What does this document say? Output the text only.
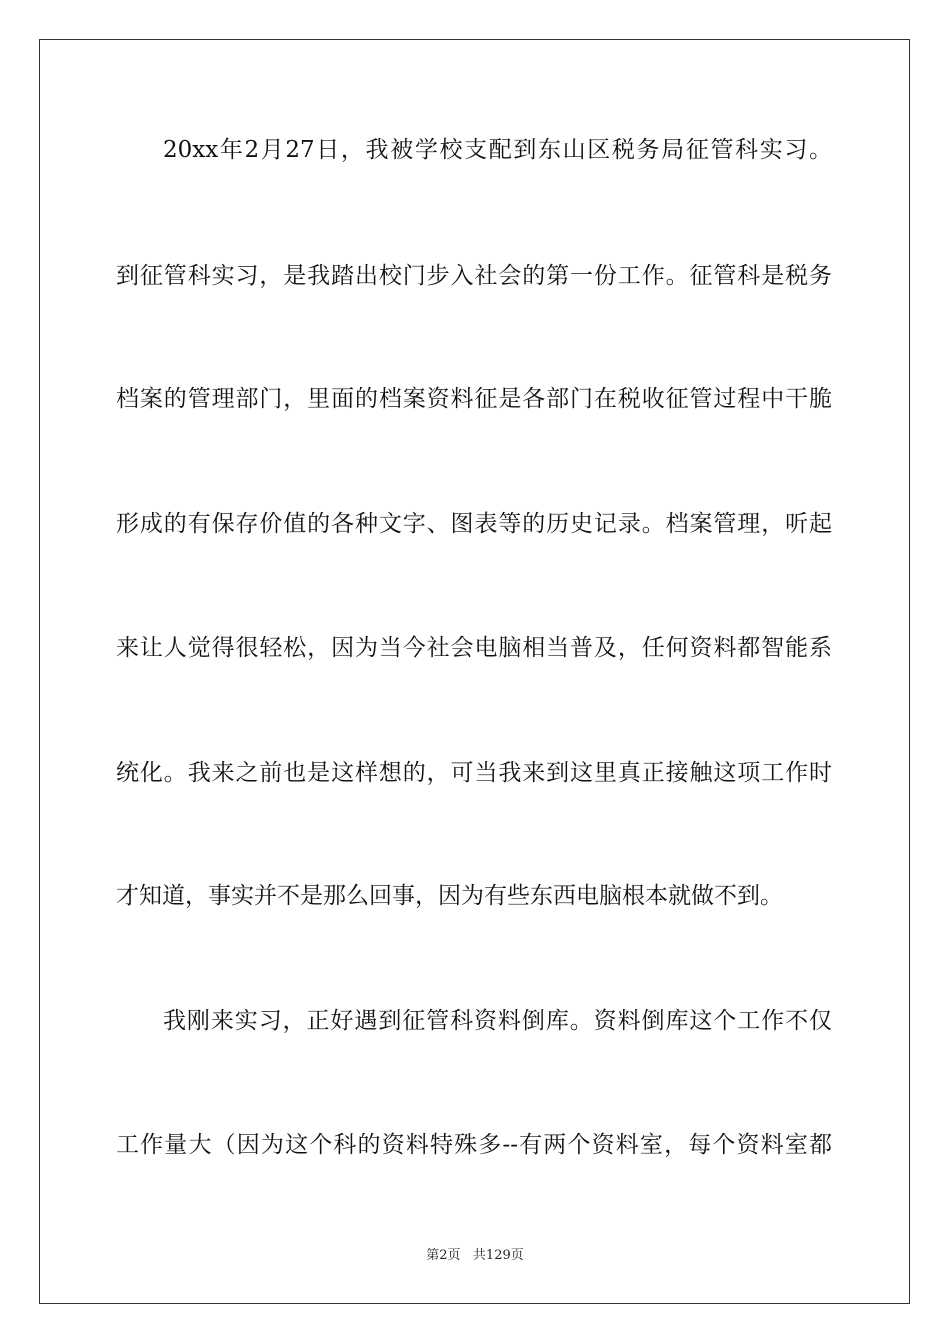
20xx年2月27日，我被学校支配到东山区税务局征管科实习。
到征管科实习，是我踏出校门步入社会的第一份工作。征管科是税务
档案的管理部门，里面的档案资料征是各部门在税收征管过程中干脆
形成的有保存价值的各种文字、图表等的历史记录。档案管理，听起
来让人觉得很轻松，因为当今社会电脑相当普及，任何资料都智能系
统化。我来之前也是这样想的，可当我来到这里真正接触这项工作时
才知道，事实并不是那么回事，因为有些东西电脑根本就做不到。
我刚来实习，正好遇到征管科资料倒库。资料倒库这个工作不仅
工作量大（因为这个科的资料特殊多--有两个资料室，每个资料室都
第2页 共129页
